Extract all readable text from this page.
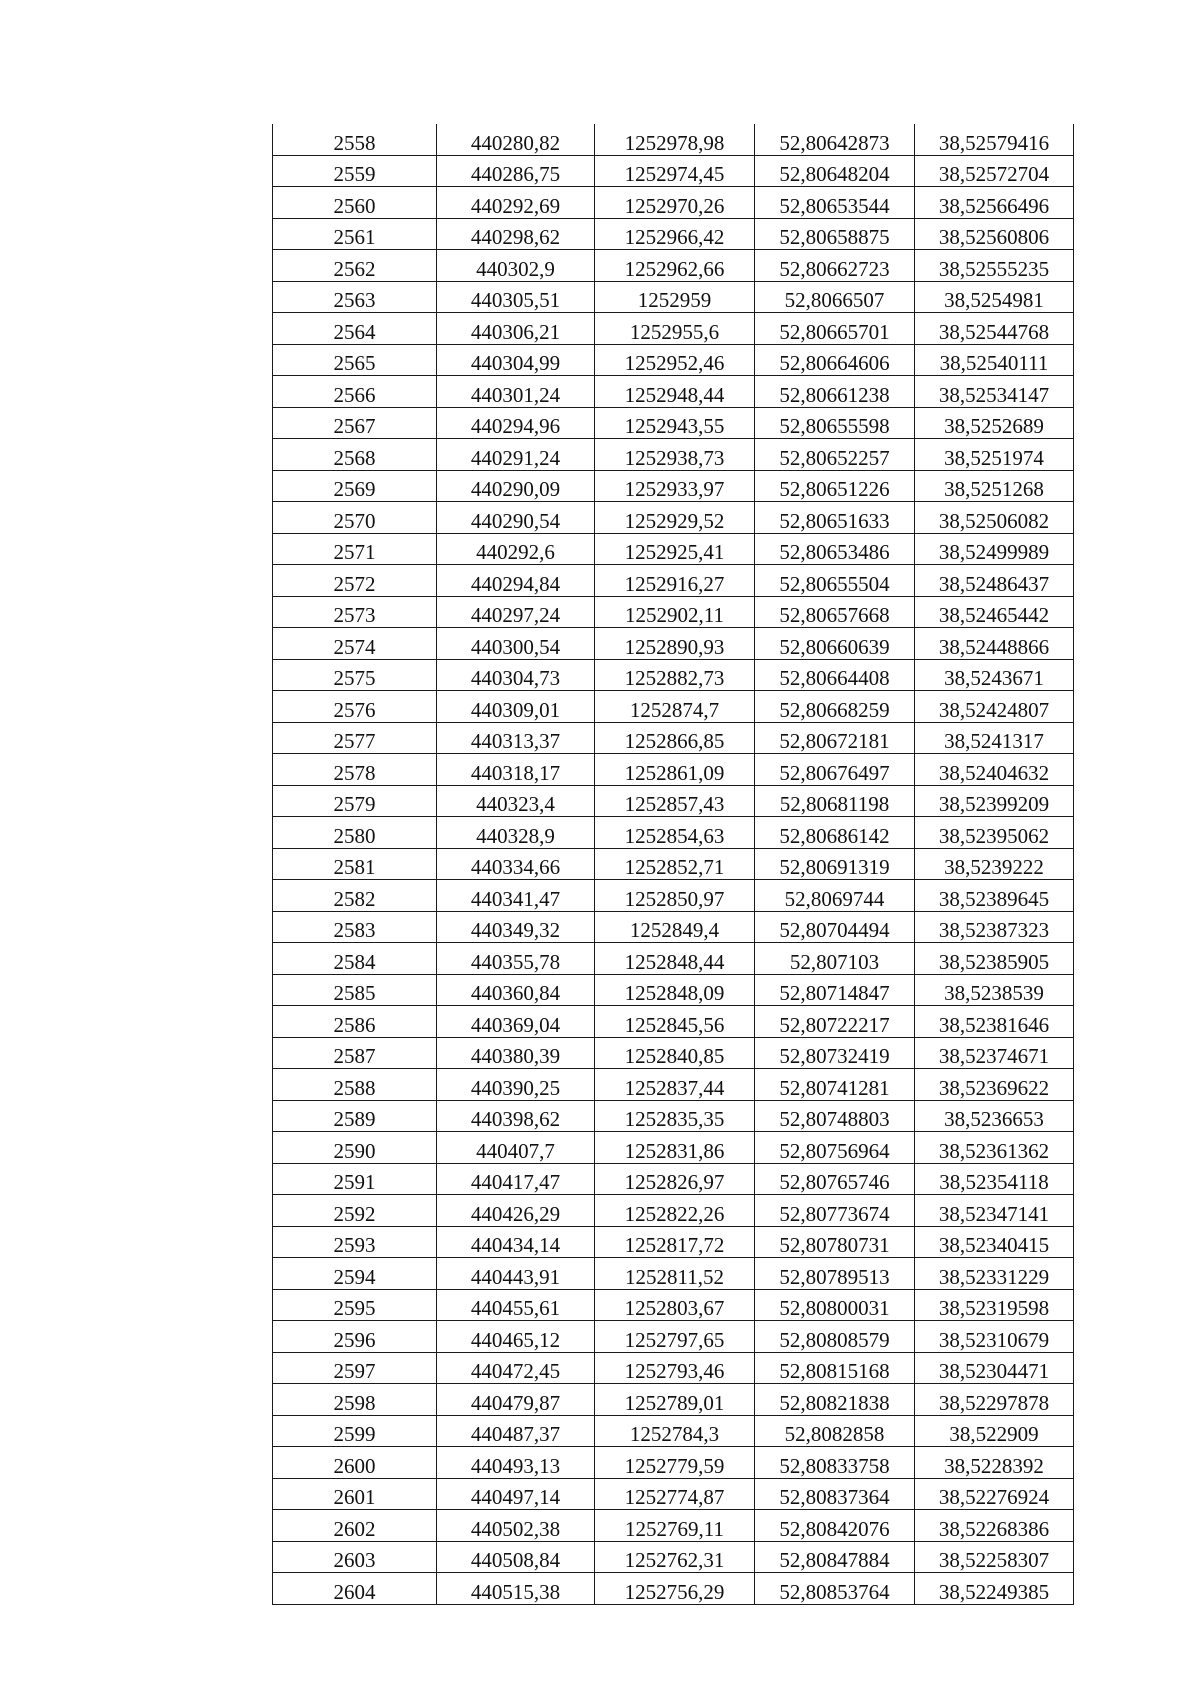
2558	440280,82	1252978,98	52,80642873	38,52579416
2559	440286,75	1252974,45	52,80648204	38,52572704
2560	440292,69	1252970,26	52,80653544	38,52566496
2561	440298,62	1252966,42	52,80658875	38,52560806
2562	440302,9	1252962,66	52,80662723	38,52555235
2563	440305,51	1252959	52,8066507	38,5254981
2564	440306,21	1252955,6	52,80665701	38,52544768
2565	440304,99	1252952,46	52,80664606	38,52540111
2566	440301,24	1252948,44	52,80661238	38,52534147
2567	440294,96	1252943,55	52,80655598	38,5252689
2568	440291,24	1252938,73	52,80652257	38,5251974
2569	440290,09	1252933,97	52,80651226	38,5251268
2570	440290,54	1252929,52	52,80651633	38,52506082
2571	440292,6	1252925,41	52,80653486	38,52499989
2572	440294,84	1252916,27	52,80655504	38,52486437
2573	440297,24	1252902,11	52,80657668	38,52465442
2574	440300,54	1252890,93	52,80660639	38,52448866
2575	440304,73	1252882,73	52,80664408	38,5243671
2576	440309,01	1252874,7	52,80668259	38,52424807
2577	440313,37	1252866,85	52,80672181	38,5241317
2578	440318,17	1252861,09	52,80676497	38,52404632
2579	440323,4	1252857,43	52,80681198	38,52399209
2580	440328,9	1252854,63	52,80686142	38,52395062
2581	440334,66	1252852,71	52,80691319	38,5239222
2582	440341,47	1252850,97	52,8069744	38,52389645
2583	440349,32	1252849,4	52,80704494	38,52387323
2584	440355,78	1252848,44	52,807103	38,52385905
2585	440360,84	1252848,09	52,80714847	38,5238539
2586	440369,04	1252845,56	52,80722217	38,52381646
2587	440380,39	1252840,85	52,80732419	38,52374671
2588	440390,25	1252837,44	52,80741281	38,52369622
2589	440398,62	1252835,35	52,80748803	38,5236653
2590	440407,7	1252831,86	52,80756964	38,52361362
2591	440417,47	1252826,97	52,80765746	38,52354118
2592	440426,29	1252822,26	52,80773674	38,52347141
2593	440434,14	1252817,72	52,80780731	38,52340415
2594	440443,91	1252811,52	52,80789513	38,52331229
2595	440455,61	1252803,67	52,80800031	38,52319598
2596	440465,12	1252797,65	52,80808579	38,52310679
2597	440472,45	1252793,46	52,80815168	38,52304471
2598	440479,87	1252789,01	52,80821838	38,52297878
2599	440487,37	1252784,3	52,8082858	38,522909
2600	440493,13	1252779,59	52,80833758	38,5228392
2601	440497,14	1252774,87	52,80837364	38,52276924
2602	440502,38	1252769,11	52,80842076	38,52268386
2603	440508,84	1252762,31	52,80847884	38,52258307
2604	440515,38	1252756,29	52,80853764	38,52249385
